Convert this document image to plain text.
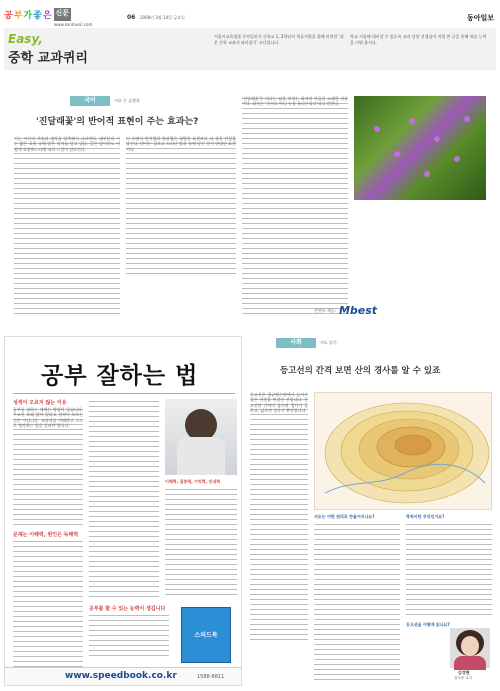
공 부 가 좋 은 신문
www.sonmusil.com
06 2008년 3월 14일 금요일	동아일보
Easy,
중학 교과퀴리
서울시교육청과 동아일보가 중학교 1, 2학년의 학습지원을 위해 마련한 '쉬운 중학 교과서 따라잡기' 코너입니다.
학교 시험에 대비할 수 있도록 교과 담당 선생님이 직접 쓴 글을 통해 학습 능력을 키워 봅시다.
국어	서초 중 류병철
'진달래꽃'의 반어적 표현이 주는 효과는?
시는 시인의 가슴과 생각을 압축해서 나타낸다. 대부분의 시는 짧은 표현 속에 많은 의미를 담고 있다. 같은 말이라도 어떻게 표현하느냐에 따라 느낌이 달라진다.
이 중에서 반어법과 역설법은 평범한 표현보다 더 강한 인상을 남긴다. 반어는 겉으로 드러난 말과 속에 담긴 뜻이 반대인 표현이다.
'진달래꽃'은 떠나는 임을 보내는 화자의 마음을 노래한 작품이다. 화자는 '죽어도 아니 눈물 흘리우리다'라고 말한다.
콘텐츠 제공: Mbest
공부 잘하는 법
성적이 오르지 않는 이유
공부를 잘하는 데에는 방법이 있습니다. 무조건 오래 앉아 있다고 성적이 오르는 것은 아닙니다. 교과서를 이해하고 스스로 생각하는 힘을 길러야 합니다.
문제는 이해력, 원인은 독해력
이해력, 집중력, 기억력, 인내력
공부를 할 수 있는 능력이 생깁니다
스피드북
www.speedbook.co.kr	1588-6811
사회	지도 읽기
등고선의 간격 보면 산의 경사를 알 수 있죠
등고선은 평균해수면에서 높이가 같은 지점을 연결한 선입니다. 등고선의 간격이 좁으면 경사가 급하고, 넓으면 경사가 완만합니다.
지도는 어떤 원리로 만들어지나요?	축척이란 무엇인가요?
등고선을 어떻게 읽나요?
김정현
성사중 교사
